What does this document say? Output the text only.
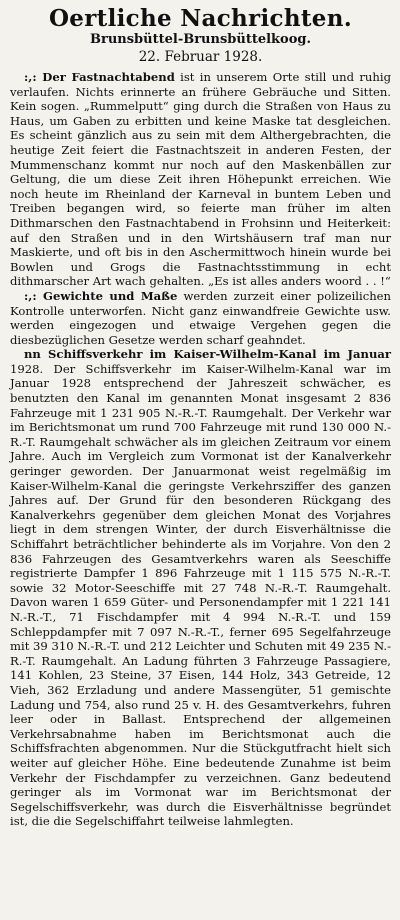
Oertliche Nachrichten.
Brunsbüttel-Brunsbüttelkoog.
22. Februar 1928.

:,: Der Fastnachtabend ist in unserem Orte still und ruhig verlaufen. Nichts erinnerte an frühere Gebräuche und Sitten. Kein sogen. „Rummelputt“ ging durch die Straßen von Haus zu Haus, um Gaben zu erbitten und keine Maske tat desgleichen. Es scheint gänzlich aus zu sein mit dem Althergebrachten, die heutige Zeit feiert die Fastnachtszeit in anderen Festen, der Mummenschanz kommt nur noch auf den Maskenbällen zur Geltung, die um diese Zeit ihren Höhepunkt erreichen. Wie noch heute im Rheinland der Karneval in buntem Leben und Treiben begangen wird, so feierte man früher im alten Dithmarschen den Fastnachtabend in Frohsinn und Heiterkeit: auf den Straßen und in den Wirtshäusern traf man nur Maskierte, und oft bis in den Aschermittwoch hinein wurde bei Bowlen und Grogs die Fastnachtsstimmung in echt dithmarscher Art wach gehalten. „Es ist alles anders woord . . !“

:,: Gewichte und Maße werden zurzeit einer polizeilichen Kontrolle unterworfen. Nicht ganz einwandfreie Gewichte usw. werden eingezogen und etwaige Vergehen gegen die diesbezüglichen Gesetze werden scharf geahndet.

nn Schiffsverkehr im Kaiser-Wilhelm-Kanal im Januar 1928. Der Schiffsverkehr im Kaiser-Wilhelm-Kanal war im Januar 1928 entsprechend der Jahreszeit schwächer, es benutzten den Kanal im genannten Monat insgesamt 2 836 Fahrzeuge mit 1 231 905 N.-R.-T. Raumgehalt. Der Verkehr war im Berichtsmonat um rund 700 Fahrzeuge mit rund 130 000 N.-R.-T. Raumgehalt schwächer als im gleichen Zeitraum vor einem Jahre. Auch im Vergleich zum Vormonat ist der Kanalverkehr geringer geworden. Der Januarmonat weist regelmäßig im Kaiser-Wilhelm-Kanal die geringste Verkehrsziffer des ganzen Jahres auf. Der Grund für den besonderen Rückgang des Kanalverkehrs gegenüber dem gleichen Monat des Vorjahres liegt in dem strengen Winter, der durch Eisverhältnisse die Schiffahrt beträchtlicher behinderte als im Vorjahre. Von den 2 836 Fahrzeugen des Gesamtverkehrs waren als Seeschiffe registrierte Dampfer 1 896 Fahrzeuge mit 1 115 575 N.-R.-T. sowie 32 Motor-Seeschiffe mit 27 748 N.-R.-T. Raumgehalt. Davon waren 1 659 Güter- und Personendampfer mit 1 221 141 N.-R.-T., 71 Fischdampfer mit 4 994 N.-R.-T. und 159 Schleppdampfer mit 7 097 N.-R.-T., ferner 695 Segelfahrzeuge mit 39 310 N.-R.-T. und 212 Leichter und Schuten mit 49 235 N.-R.-T. Raumgehalt. An Ladung führten 3 Fahrzeuge Passagiere, 141 Kohlen, 23 Steine, 37 Eisen, 144 Holz, 343 Getreide, 12 Vieh, 362 Erzladung und andere Massengüter, 51 gemischte Ladung und 754, also rund 25 v. H. des Gesamtverkehrs, fuhren leer oder in Ballast. Entsprechend der allgemeinen Verkehrsabnahme haben im Berichtsmonat auch die Schiffsfrachten abgenommen. Nur die Stückgutfracht hielt sich weiter auf gleicher Höhe. Eine bedeutende Zunahme ist beim Verkehr der Fischdampfer zu verzeichnen. Ganz bedeutend geringer als im Vormonat war im Berichtsmonat der Segelschiffsverkehr, was durch die Eisverhältnisse begründet ist, die die Segelschiffahrt teilweise lahmlegten.
